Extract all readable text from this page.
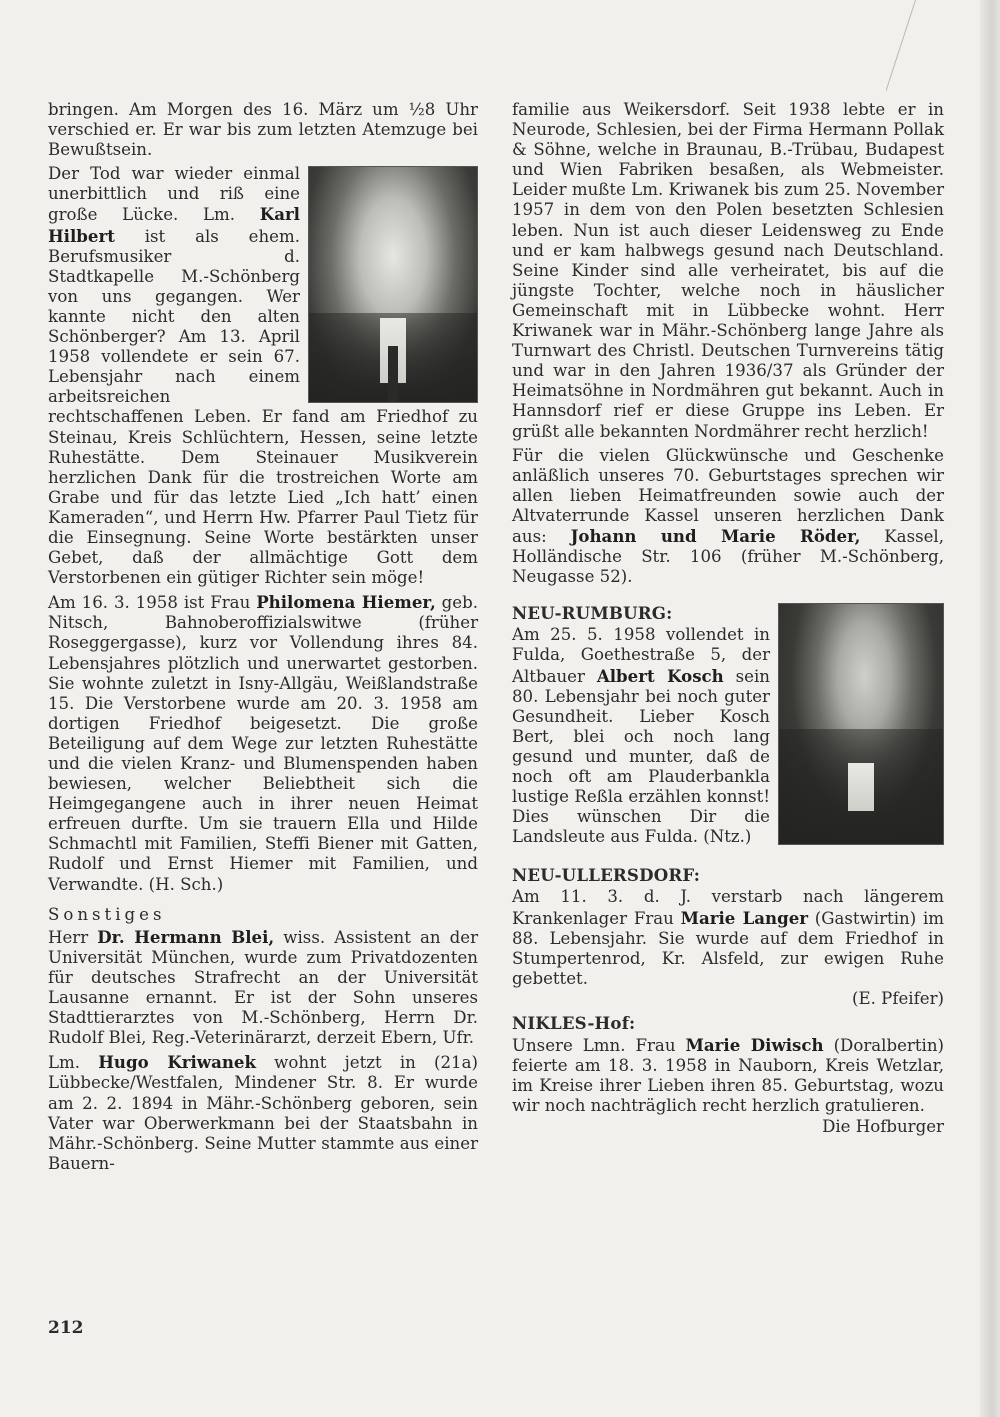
bringen. Am Morgen des 16. März um ½8 Uhr verschied er. Er war bis zum letzten Atemzuge bei Bewußtsein.

Der Tod war wieder einmal unerbittlich und riß eine große Lücke. Lm. Karl Hilbert ist als ehem. Berufsmusiker d. Stadtkapelle M.-Schönberg von uns gegangen. Wer kannte nicht den alten Schönberger? Am 13. April 1958 vollendete er sein 67. Lebensjahr nach einem arbeitsreichen rechtschaffenen Leben. Er fand am Friedhof zu Steinau, Kreis Schlüchtern, Hessen, seine letzte Ruhestätte. Dem Steinauer Musikverein herzlichen Dank für die trostreichen Worte am Grabe und für das letzte Lied „Ich hatt’ einen Kameraden“, und Herrn Hw. Pfarrer Paul Tietz für die Einsegnung. Seine Worte bestärkten unser Gebet, daß der allmächtige Gott dem Verstorbenen ein gütiger Richter sein möge!

Am 16. 3. 1958 ist Frau Philomena Hiemer, geb. Nitsch, Bahnoberoffizialswitwe (früher Roseggergasse), kurz vor Vollendung ihres 84. Lebensjahres plötzlich und unerwartet gestorben. Sie wohnte zuletzt in Isny-Allgäu, Weißlandstraße 15. Die Verstorbene wurde am 20. 3. 1958 am dortigen Friedhof beigesetzt. Die große Beteiligung auf dem Wege zur letzten Ruhestätte und die vielen Kranz- und Blumenspenden haben bewiesen, welcher Beliebtheit sich die Heimgegangene auch in ihrer neuen Heimat erfreuen durfte. Um sie trauern Ella und Hilde Schmachtl mit Familien, Steffi Biener mit Gatten, Rudolf und Ernst Hiemer mit Familien, und Verwandte. (H. Sch.)

Sonstiges

Herr Dr. Hermann Blei, wiss. Assistent an der Universität München, wurde zum Privatdozenten für deutsches Strafrecht an der Universität Lausanne ernannt. Er ist der Sohn unseres Stadttierarztes von M.-Schönberg, Herrn Dr. Rudolf Blei, Reg.-Veterinärarzt, derzeit Ebern, Ufr.

Lm. Hugo Kriwanek wohnt jetzt in (21a) Lübbecke/Westfalen, Mindener Str. 8. Er wurde am 2. 2. 1894 in Mähr.-Schönberg geboren, sein Vater war Oberwerkmann bei der Staatsbahn in Mähr.-Schönberg. Seine Mutter stammte aus einer Bauern-

212

familie aus Weikersdorf. Seit 1938 lebte er in Neurode, Schlesien, bei der Firma Hermann Pollak & Söhne, welche in Braunau, B.-Trübau, Budapest und Wien Fabriken besaßen, als Webmeister. Leider mußte Lm. Kriwanek bis zum 25. November 1957 in dem von den Polen besetzten Schlesien leben. Nun ist auch dieser Leidensweg zu Ende und er kam halbwegs gesund nach Deutschland. Seine Kinder sind alle verheiratet, bis auf die jüngste Tochter, welche noch in häuslicher Gemeinschaft mit in Lübbecke wohnt. Herr Kriwanek war in Mähr.-Schönberg lange Jahre als Turnwart des Christl. Deutschen Turnvereins tätig und war in den Jahren 1936/37 als Gründer der Heimatsöhne in Nordmähren gut bekannt. Auch in Hannsdorf rief er diese Gruppe ins Leben. Er grüßt alle bekannten Nordmährer recht herzlich!

Für die vielen Glückwünsche und Geschenke anläßlich unseres 70. Geburtstages sprechen wir allen lieben Heimatfreunden sowie auch der Altvaterrunde Kassel unseren herzlichen Dank aus: Johann und Marie Röder, Kassel, Holländische Str. 106 (früher M.-Schönberg, Neugasse 52).

NEU-RUMBURG:

Am 25. 5. 1958 vollendet in Fulda, Goethestraße 5, der Altbauer Albert Kosch sein 80. Lebensjahr bei noch guter Gesundheit. Lieber Kosch Bert, blei och noch lang gesund und munter, daß de noch oft am Plauderbankla lustige Reßla erzählen konnst! Dies wünschen Dir die Landsleute aus Fulda. (Ntz.)

NEU-ULLERSDORF:

Am 11. 3. d. J. verstarb nach längerem Krankenlager Frau Marie Langer (Gastwirtin) im 88. Lebensjahr. Sie wurde auf dem Friedhof in Stumpertenrod, Kr. Alsfeld, zur ewigen Ruhe gebettet.

(E. Pfeifer)

NIKLES-Hof:

Unsere Lmn. Frau Marie Diwisch (Doralbertin) feierte am 18. 3. 1958 in Nauborn, Kreis Wetzlar, im Kreise ihrer Lieben ihren 85. Geburtstag, wozu wir noch nachträglich recht herzlich gratulieren.

Die Hofburger
